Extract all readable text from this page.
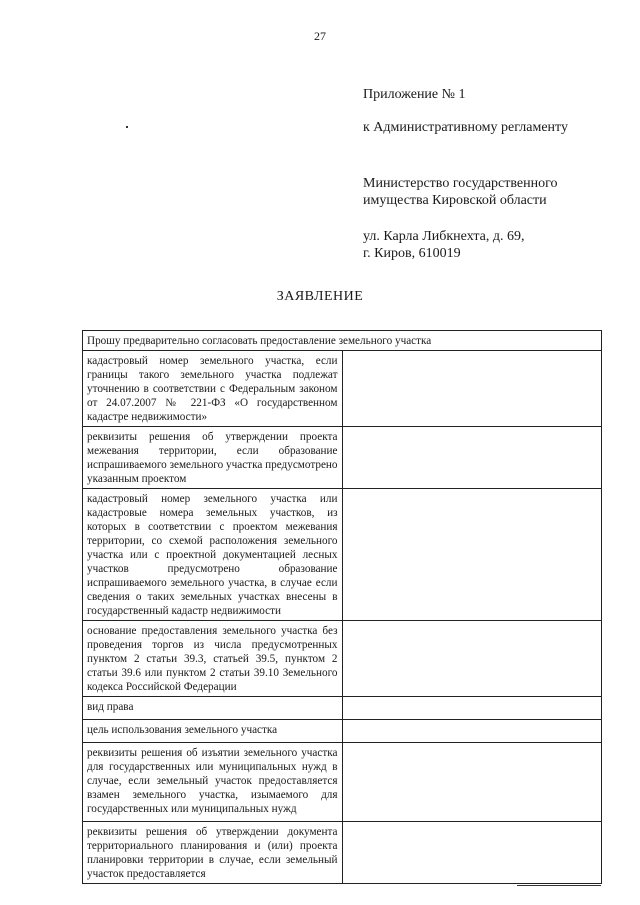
27
Приложение № 1
к Административному регламенту
Министерство государственного
имущества Кировской области
ул. Карла Либкнехта, д. 69,
г. Киров, 610019
ЗАЯВЛЕНИЕ
Прошу предварительно согласовать предоставление земельного участка	
кадастровый номер земельного участка, если границы такого земельного участка подлежат уточнению в соответствии с Федеральным законом от 24.07.2007 № 221-ФЗ «О государственном кадастре недвижимости»	
реквизиты решения об утверждении проекта межевания территории, если образование испрашиваемого земельного участка предусмотрено указанным проектом	
кадастровый номер земельного участка или кадастровые номера земельных участков, из которых в соответствии с проектом межевания территории, со схемой расположения земельного участка или с проектной документацией лесных участков предусмотрено образование испрашиваемого земельного участка, в случае если сведения о таких земельных участках внесены в государственный кадастр недвижимости	
основание предоставления земельного участка без проведения торгов из числа предусмотренных пунктом 2 статьи 39.3, статьей 39.5, пунктом 2 статьи 39.6 или пунктом 2 статьи 39.10 Земельного кодекса Российской Федерации	
вид права	
цель использования земельного участка	
реквизиты решения об изъятии земельного участка для государственных или муниципальных нужд в случае, если земельный участок предоставляется взамен земельного участка, изымаемого для государственных или муниципальных нужд	
реквизиты решения об утверждении документа территориального планирования и (или) проекта планировки территории в случае, если земельный участок предоставляется	
